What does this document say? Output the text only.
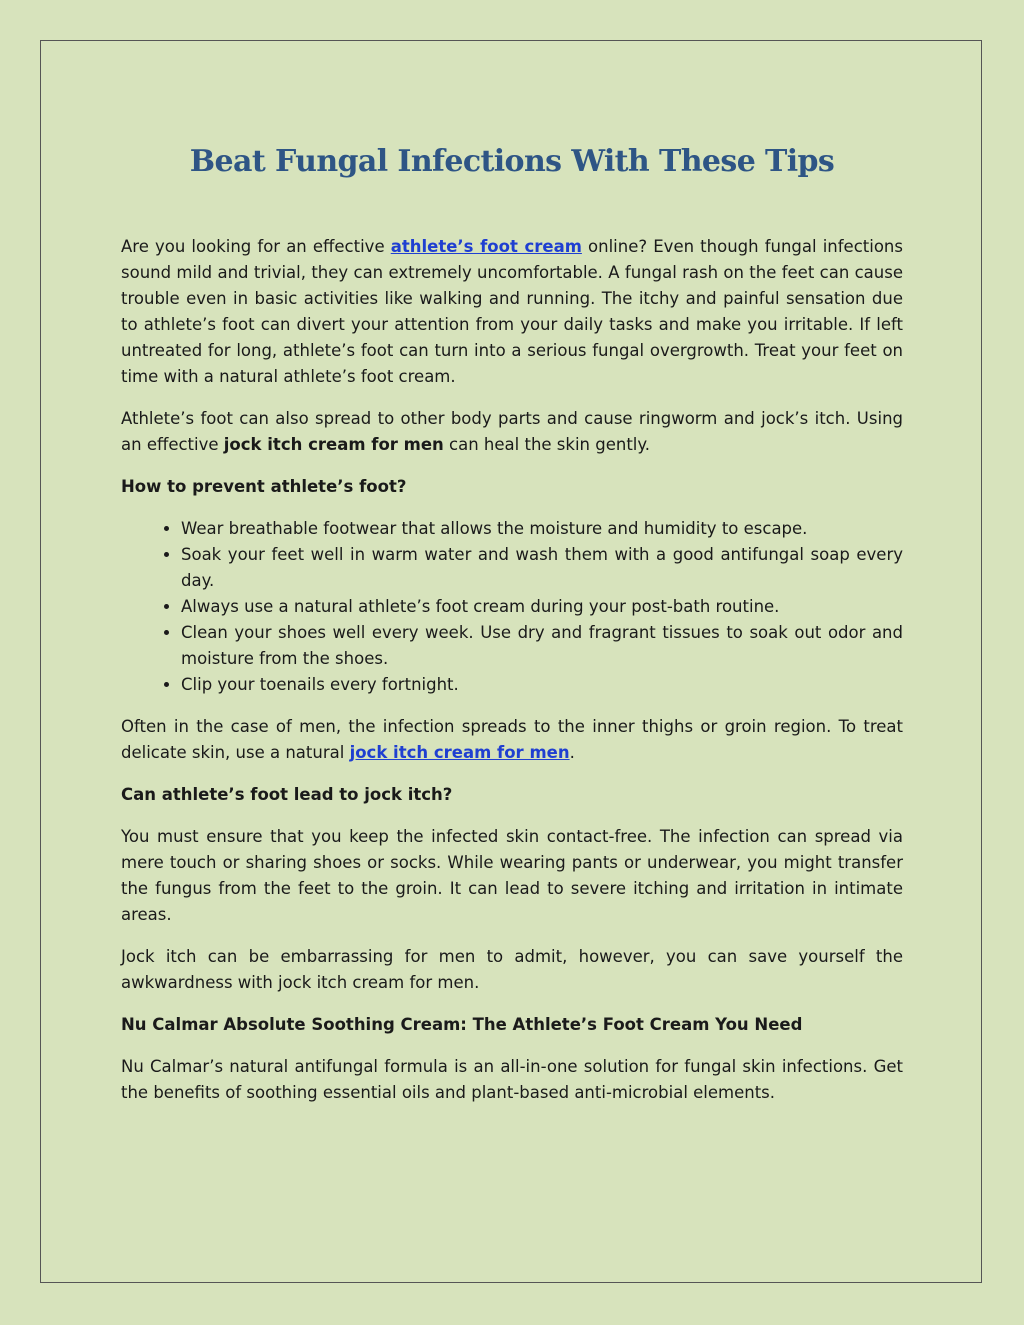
Beat Fungal Infections With These Tips

Are you looking for an effective athlete’s foot cream online? Even though fungal infections sound mild and trivial, they can extremely uncomfortable. A fungal rash on the feet can cause trouble even in basic activities like walking and running. The itchy and painful sensation due to athlete’s foot can divert your attention from your daily tasks and make you irritable. If left untreated for long, athlete’s foot can turn into a serious fungal overgrowth. Treat your feet on time with a natural athlete’s foot cream.

Athlete’s foot can also spread to other body parts and cause ringworm and jock’s itch. Using an effective jock itch cream for men can heal the skin gently.

How to prevent athlete’s foot?

• Wear breathable footwear that allows the moisture and humidity to escape.
• Soak your feet well in warm water and wash them with a good antifungal soap every day.
• Always use a natural athlete’s foot cream during your post-bath routine.
• Clean your shoes well every week. Use dry and fragrant tissues to soak out odor and moisture from the shoes.
• Clip your toenails every fortnight.

Often in the case of men, the infection spreads to the inner thighs or groin region. To treat delicate skin, use a natural jock itch cream for men.

Can athlete’s foot lead to jock itch?

You must ensure that you keep the infected skin contact-free. The infection can spread via mere touch or sharing shoes or socks. While wearing pants or underwear, you might transfer the fungus from the feet to the groin. It can lead to severe itching and irritation in intimate areas.

Jock itch can be embarrassing for men to admit, however, you can save yourself the awkwardness with jock itch cream for men.

Nu Calmar Absolute Soothing Cream: The Athlete’s Foot Cream You Need

Nu Calmar’s natural antifungal formula is an all-in-one solution for fungal skin infections. Get the benefits of soothing essential oils and plant-based anti-microbial elements.
